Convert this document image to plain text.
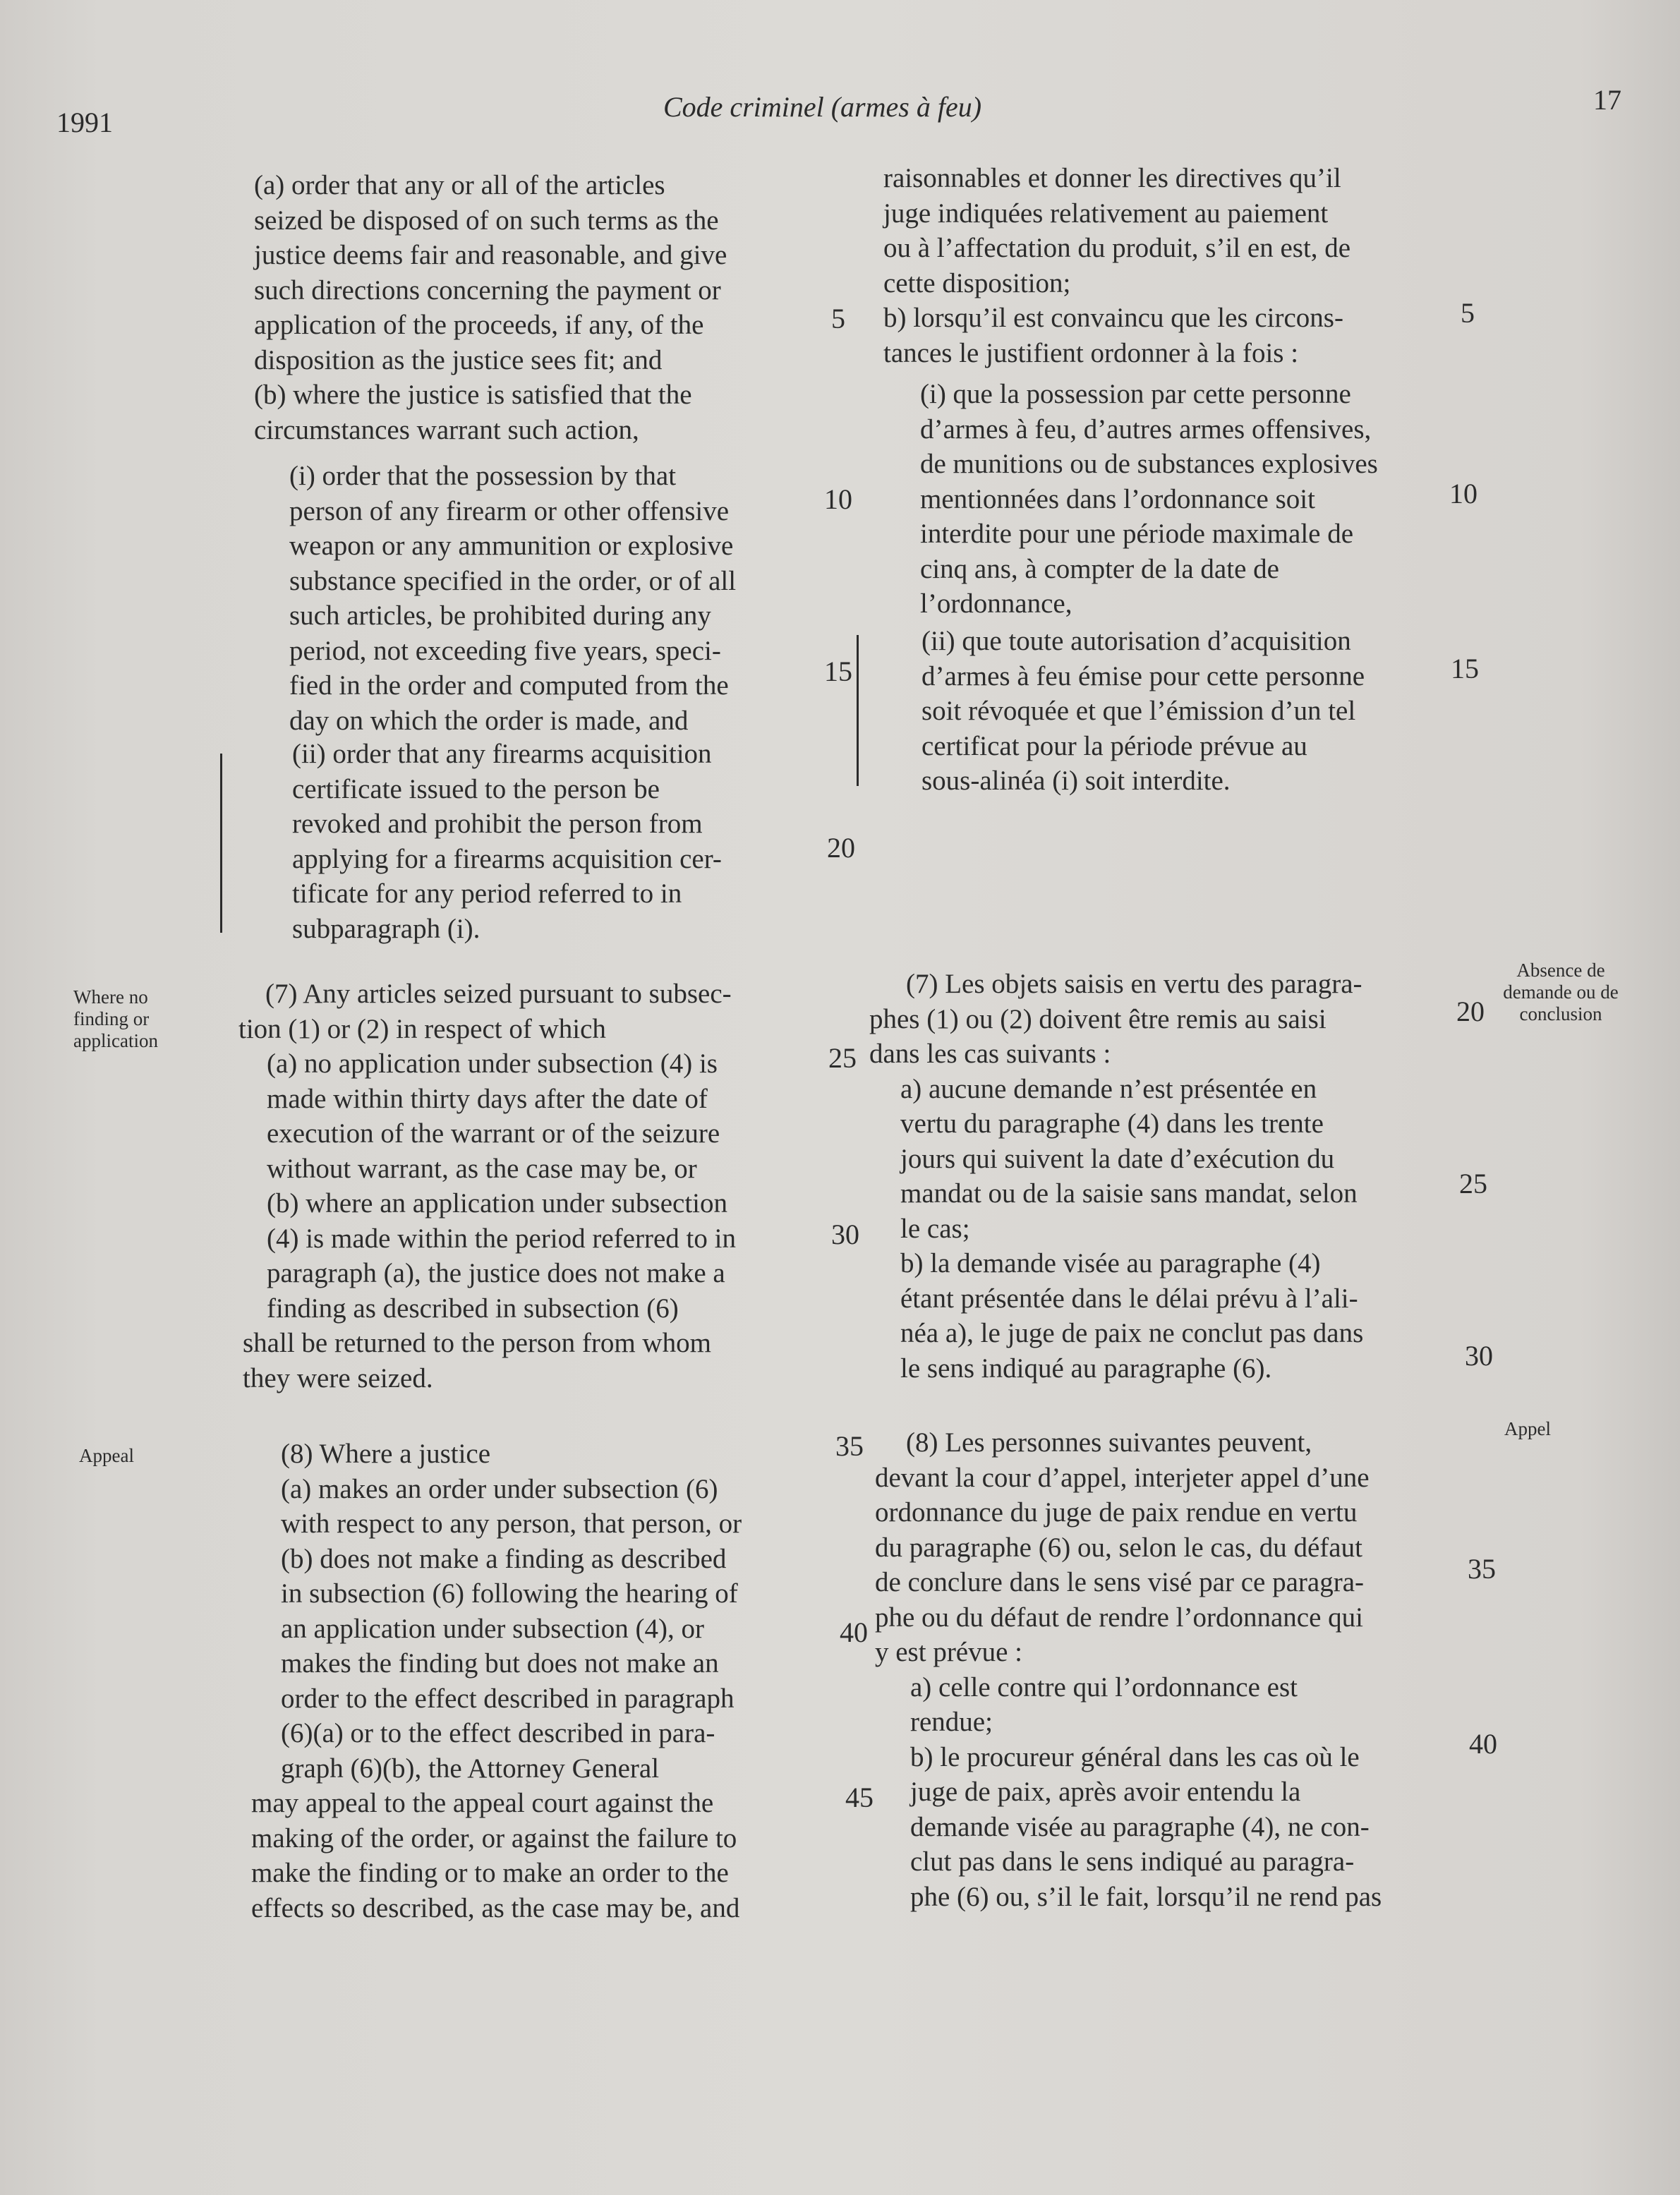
1991	Code criminel (armes à feu)	17
(a) order that any or all of the articles
seized be disposed of on such terms as the
justice deems fair and reasonable, and give
such directions concerning the payment or
application of the proceeds, if any, of the
disposition as the justice sees fit; and
(b) where the justice is satisfied that the
circumstances warrant such action,
(i) order that the possession by that
person of any firearm or other offensive
weapon or any ammunition or explosive
substance specified in the order, or of all
such articles, be prohibited during any
period, not exceeding five years, speci-
fied in the order and computed from the
day on which the order is made, and
(ii) order that any firearms acquisition
certificate issued to the person be
revoked and prohibit the person from
applying for a firearms acquisition cer-
tificate for any period referred to in
subparagraph (i).
(7) Any articles seized pursuant to subsec-
tion (1) or (2) in respect of which
(a) no application under subsection (4) is
made within thirty days after the date of
execution of the warrant or of the seizure
without warrant, as the case may be, or
(b) where an application under subsection
(4) is made within the period referred to in
paragraph (a), the justice does not make a
finding as described in subsection (6)
shall be returned to the person from whom
they were seized.
(8) Where a justice
(a) makes an order under subsection (6)
with respect to any person, that person, or
(b) does not make a finding as described
in subsection (6) following the hearing of
an application under subsection (4), or
makes the finding but does not make an
order to the effect described in paragraph
(6)(a) or to the effect described in para-
graph (6)(b), the Attorney General
may appeal to the appeal court against the
making of the order, or against the failure to
make the finding or to make an order to the
effects so described, as the case may be, and
5
10
15
20
25
30
35
40
45
Where no
finding or
application
Appeal
raisonnables et donner les directives qu’il
juge indiquées relativement au paiement
ou à l’affectation du produit, s’il en est, de
cette disposition;
b) lorsqu’il est convaincu que les circons-
tances le justifient ordonner à la fois :
(i) que la possession par cette personne
d’armes à feu, d’autres armes offensives,
de munitions ou de substances explosives
mentionnées dans l’ordonnance soit
interdite pour une période maximale de
cinq ans, à compter de la date de
l’ordonnance,
(ii) que toute autorisation d’acquisition
d’armes à feu émise pour cette personne
soit révoquée et que l’émission d’un tel
certificat pour la période prévue au
sous-alinéa (i) soit interdite.
(7) Les objets saisis en vertu des paragra-
phes (1) ou (2) doivent être remis au saisi
dans les cas suivants :
a) aucune demande n’est présentée en
vertu du paragraphe (4) dans les trente
jours qui suivent la date d’exécution du
mandat ou de la saisie sans mandat, selon
le cas;
b) la demande visée au paragraphe (4)
étant présentée dans le délai prévu à l’ali-
néa a), le juge de paix ne conclut pas dans
le sens indiqué au paragraphe (6).
(8) Les personnes suivantes peuvent,
devant la cour d’appel, interjeter appel d’une
ordonnance du juge de paix rendue en vertu
du paragraphe (6) ou, selon le cas, du défaut
de conclure dans le sens visé par ce paragra-
phe ou du défaut de rendre l’ordonnance qui
y est prévue :
a) celle contre qui l’ordonnance est
rendue;
b) le procureur général dans les cas où le
juge de paix, après avoir entendu la
demande visée au paragraphe (4), ne con-
clut pas dans le sens indiqué au paragra-
phe (6) ou, s’il le fait, lorsqu’il ne rend pas
5
10
15
20
25
30
35
40
Absence de
demande ou de
conclusion
Appel
